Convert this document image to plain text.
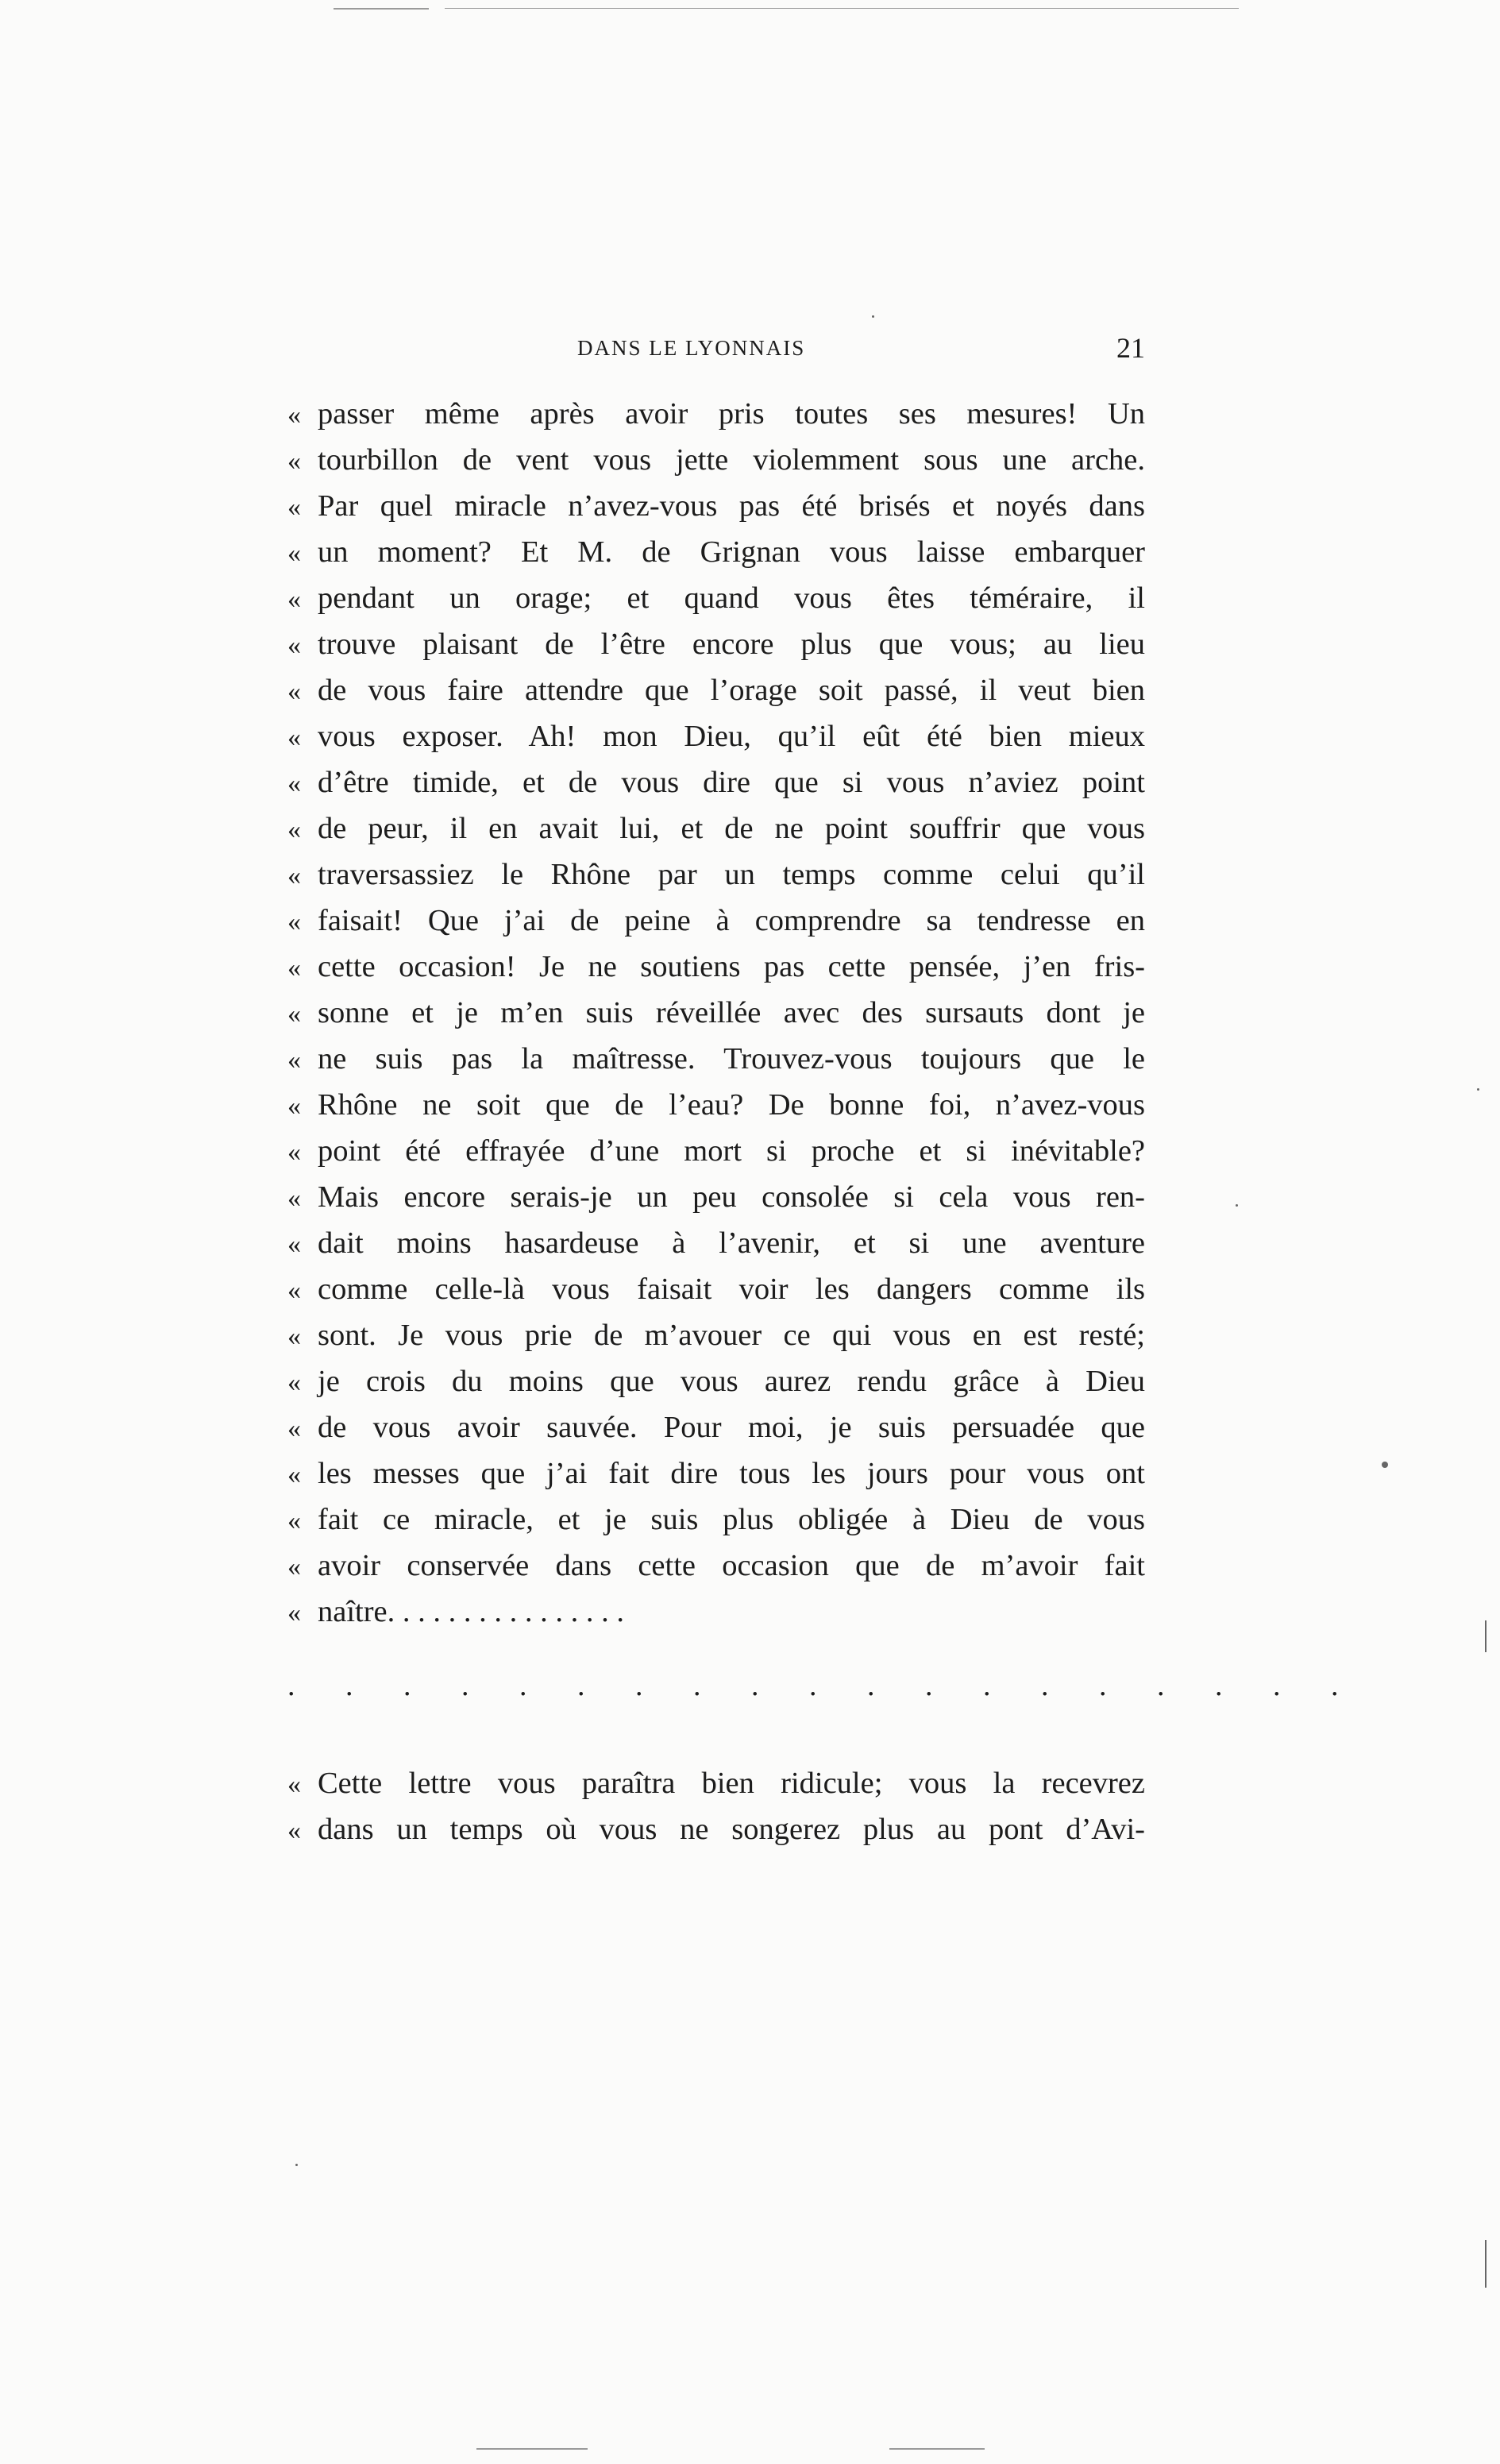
DANS LE LYONNAIS	21
« passer même après avoir pris toutes ses mesures! Un
« tourbillon de vent vous jette violemment sous une arche.
« Par quel miracle n’avez-vous pas été brisés et noyés dans
« un moment? Et M. de Grignan vous laisse embarquer
« pendant un orage; et quand vous êtes téméraire, il
« trouve plaisant de l’être encore plus que vous; au lieu
« de vous faire attendre que l’orage soit passé, il veut bien
« vous exposer. Ah! mon Dieu, qu’il eût été bien mieux
« d’être timide, et de vous dire que si vous n’aviez point
« de peur, il en avait lui, et de ne point souffrir que vous
« traversassiez le Rhône par un temps comme celui qu’il
« faisait! Que j’ai de peine à comprendre sa tendresse en
« cette occasion! Je ne soutiens pas cette pensée, j’en fris-
« sonne et je m’en suis réveillée avec des sursauts dont je
« ne suis pas la maîtresse. Trouvez-vous toujours que le
« Rhône ne soit que de l’eau? De bonne foi, n’avez-vous
« point été effrayée d’une mort si proche et si inévitable?
« Mais encore serais-je un peu consolée si cela vous ren-
« dait moins hasardeuse à l’avenir, et si une aventure
« comme celle-là vous faisait voir les dangers comme ils
« sont. Je vous prie de m’avouer ce qui vous en est resté;
« je crois du moins que vous aurez rendu grâce à Dieu
« de vous avoir sauvée. Pour moi, je suis persuadée que
« les messes que j’ai fait dire tous les jours pour vous ont
« fait ce miracle, et je suis plus obligée à Dieu de vous
« avoir conservée dans cette occasion que de m’avoir fait
« naître. . . . . . . . . . . . . . . .
. . . . . . . . . . . . . . . . . . .
« Cette lettre vous paraîtra bien ridicule; vous la recevrez
« dans un temps où vous ne songerez plus au pont d’Avi-
